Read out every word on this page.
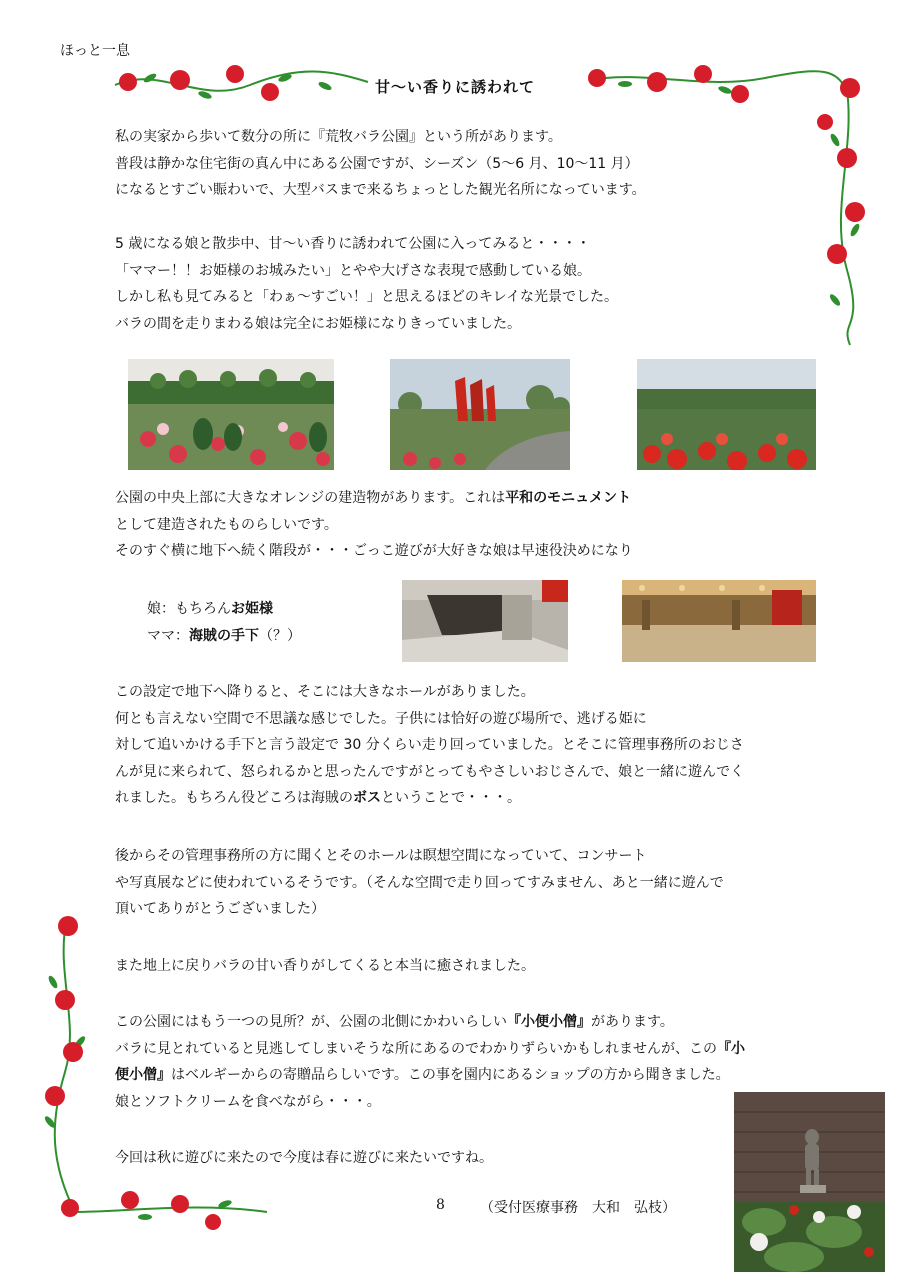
ほっと一息
甘～い香りに誘われて
私の実家から歩いて数分の所に『荒牧バラ公園』という所があります。
普段は静かな住宅街の真ん中にある公園ですが、シーズン（5～6 月、10～11 月）
になるとすごい賑わいで、大型バスまで来るちょっとした観光名所になっています。
5 歳になる娘と散歩中、甘～い香りに誘われて公園に入ってみると・・・・
「ママー！！お姫様のお城みたい」とやや大げさな表現で感動している娘。
しかし私も見てみると「わぁ～すごい！」と思えるほどのキレイな光景でした。
バラの間を走りまわる娘は完全にお姫様になりきっていました。
公園の中央上部に大きなオレンジの建造物があります。これは平和のモニュメント
として建造されたものらしいです。
そのすぐ横に地下へ続く階段が・・・ごっこ遊びが大好きな娘は早速役決めになり
娘：もちろんお姫様
ママ：海賊の手下（？）
この設定で地下へ降りると、そこには大きなホールがありました。
何とも言えない空間で不思議な感じでした。子供には恰好の遊び場所で、逃げる姫に
対して追いかける手下と言う設定で 30 分くらい走り回っていました。とそこに管理事務所のおじさ
んが見に来られて、怒られるかと思ったんですがとってもやさしいおじさんで、娘と一緒に遊んでく
れました。もちろん役どころは海賊のボスということで・・・。
後からその管理事務所の方に聞くとそのホールは瞑想空間になっていて、コンサート
や写真展などに使われているそうです。（そんな空間で走り回ってすみません、あと一緒に遊んで
頂いてありがとうございました）
また地上に戻りバラの甘い香りがしてくると本当に癒されました。
この公園にはもう一つの見所？が、公園の北側にかわいらしい『小便小僧』があります。
バラに見とれていると見逃してしまいそうな所にあるのでわかりずらいかもしれませんが、この『小
便小僧』はベルギーからの寄贈品らしいです。この事を園内にあるショップの方から聞きました。
娘とソフトクリームを食べながら・・・。
今回は秋に遊びに来たので今度は春に遊びに来たいですね。
8	（受付医療事務　大和　弘枝）
